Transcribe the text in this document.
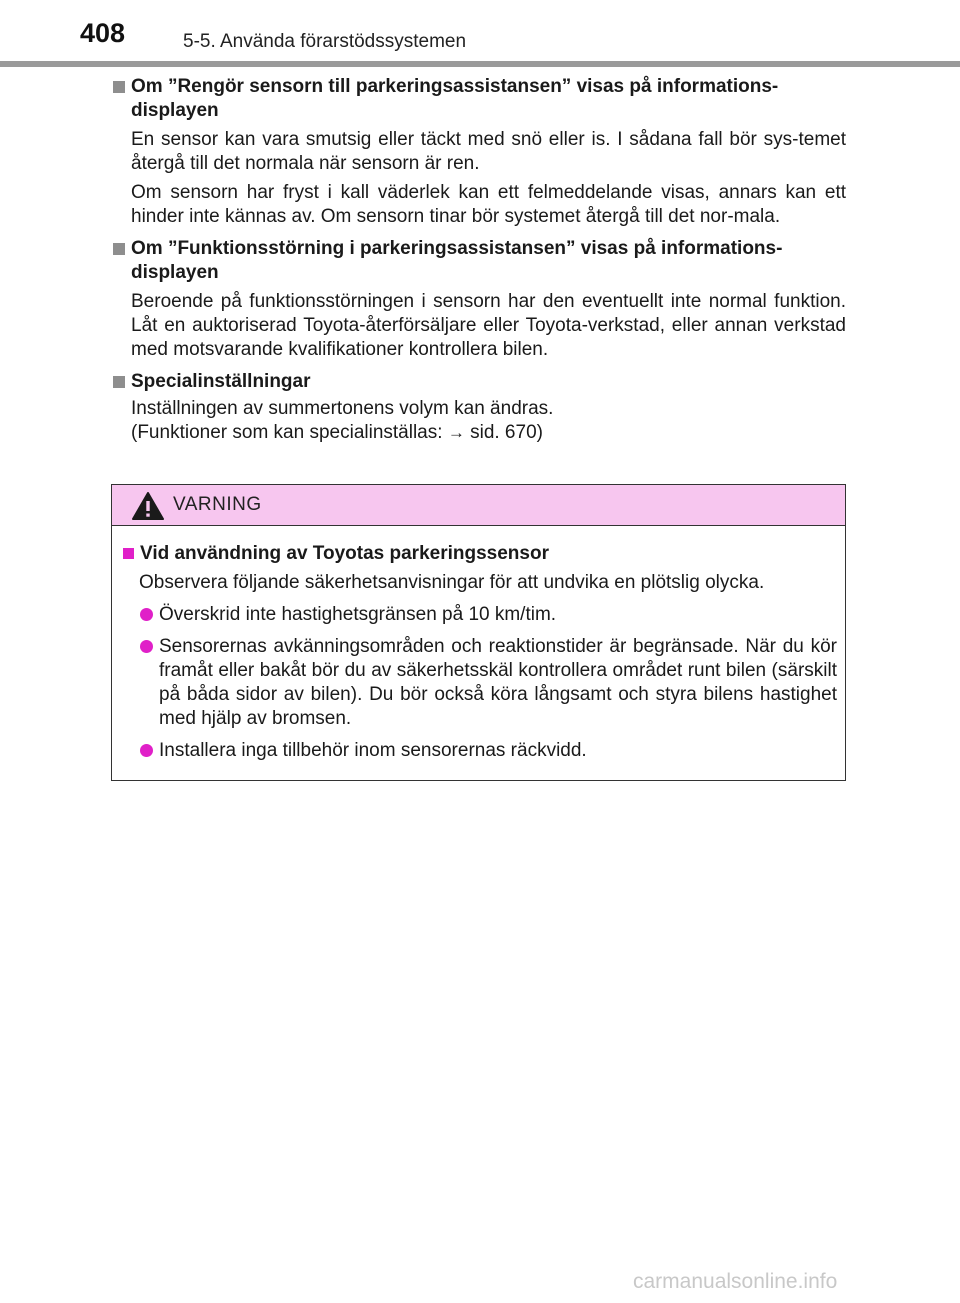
408	5-5. Använda förarstödssystemen
Om ”Rengör sensorn till parkeringsassistansen” visas på informations-displayen

En sensor kan vara smutsig eller täckt med snö eller is. I sådana fall bör sys-temet återgå till det normala när sensorn är ren.

Om sensorn har fryst i kall väderlek kan ett felmeddelande visas, annars kan ett hinder inte kännas av. Om sensorn tinar bör systemet återgå till det nor-mala.

Om ”Funktionsstörning i parkeringsassistansen” visas på informations-displayen

Beroende på funktionsstörningen i sensorn har den eventuellt inte normal funktion. Låt en auktoriserad Toyota-återförsäljare eller Toyota-verkstad, eller annan verkstad med motsvarande kvalifikationer kontrollera bilen.

Specialinställningar

Inställningen av summertonens volym kan ändras.
(Funktioner som kan specialinställas: → sid. 670)

VARNING
Vid användning av Toyotas parkeringssensor
Observera följande säkerhetsanvisningar för att undvika en plötslig olycka.
Överskrid inte hastighetsgränsen på 10 km/tim.
Sensorernas avkänningsområden och reaktionstider är begränsade. När du kör framåt eller bakåt bör du av säkerhetsskäl kontrollera området runt bilen (särskilt på båda sidor av bilen). Du bör också köra långsamt och styra bilens hastighet med hjälp av bromsen.
Installera inga tillbehör inom sensorernas räckvidd.
carmanualsonline.info
